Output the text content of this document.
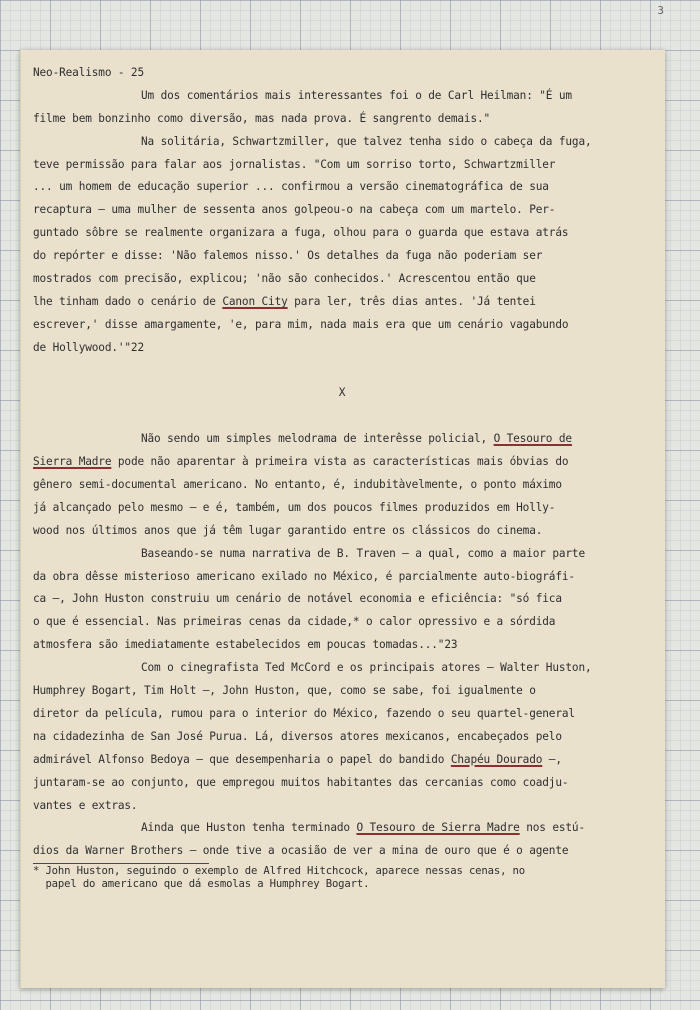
3
Neo-Realismo - 25
Um dos comentários mais interessantes foi o de Carl Heilman: "É um
filme bem bonzinho como diversão, mas nada prova. É sangrento demais."
Na solitária, Schwartzmiller, que talvez tenha sido o cabeça da fuga,
teve permissão para falar aos jornalistas. "Com um sorriso torto, Schwartzmiller
... um homem de educação superior ... confirmou a versão cinematográfica de sua
recaptura — uma mulher de sessenta anos golpeou-o na cabeça com um martelo. Per-
guntado sôbre se realmente organizara a fuga, olhou para o guarda que estava atrás
do repórter e disse: 'Não falemos nisso.' Os detalhes da fuga não poderiam ser
mostrados com precisão, explicou; 'não são conhecidos.' Acrescentou então que
lhe tinham dado o cenário de Canon City para ler, três dias antes. 'Já tentei
escrever,' disse amargamente, 'e, para mim, nada mais era que um cenário vagabundo
de Hollywood.'"22
X
Não sendo um simples melodrama de interêsse policial, O Tesouro de
Sierra Madre pode não aparentar à primeira vista as características mais óbvias do
gênero semi-documental americano. No entanto, é, indubitàvelmente, o ponto máximo
já alcançado pelo mesmo — e é, também, um dos poucos filmes produzidos em Holly-
wood nos últimos anos que já têm lugar garantido entre os clássicos do cinema.
Baseando-se numa narrativa de B. Traven — a qual, como a maior parte
da obra dêsse misterioso americano exilado no México, é parcialmente auto-biográfi-
ca —, John Huston construiu um cenário de notável economia e eficiência: "só fica
o que é essencial. Nas primeiras cenas da cidade,* o calor opressivo e a sórdida
atmosfera são imediatamente estabelecidos em poucas tomadas..."23
Com o cinegrafista Ted McCord e os principais atores — Walter Huston,
Humphrey Bogart, Tim Holt —, John Huston, que, como se sabe, foi igualmente o
diretor da película, rumou para o interior do México, fazendo o seu quartel-general
na cidadezinha de San José Purua. Lá, diversos atores mexicanos, encabeçados pelo
admirável Alfonso Bedoya — que desempenharia o papel do bandido Chapéu Dourado —,
juntaram-se ao conjunto, que empregou muitos habitantes das cercanias como coadju-
vantes e extras.
Ainda que Huston tenha terminado O Tesouro de Sierra Madre nos estú-
dios da Warner Brothers — onde tive a ocasião de ver a mina de ouro que é o agente
* John Huston, seguindo o exemplo de Alfred Hitchcock, aparece nessas cenas, no
papel do americano que dá esmolas a Humphrey Bogart.
